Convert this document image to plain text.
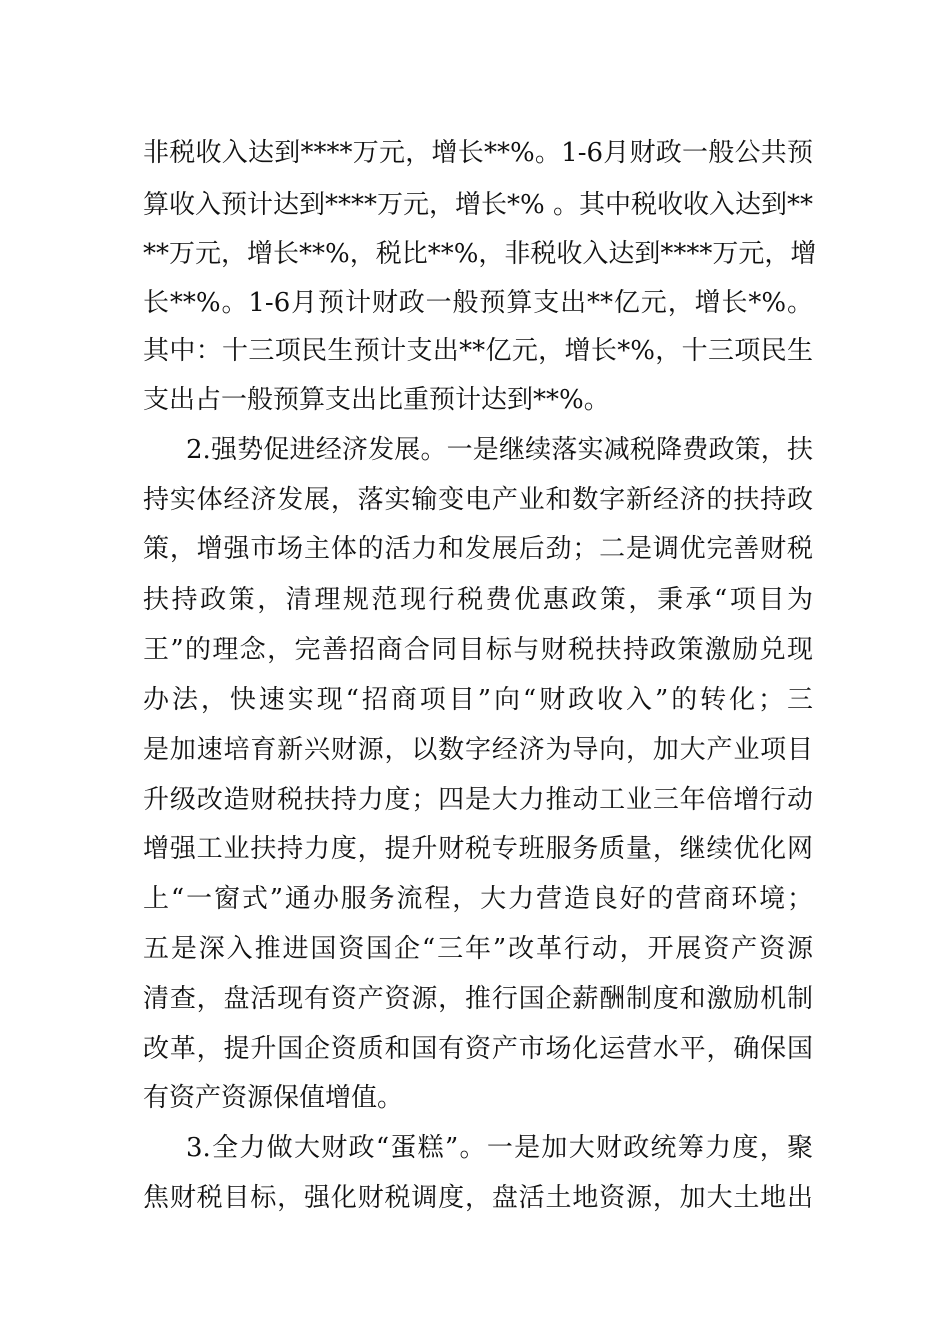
非税收入达到****万元，增长**%。1-6月财政一般公共预
算收入预计达到****万元，增长*% 。其中税收收入达到**
**万元，增长**%，税比**%，非税收入达到****万元，增
长**%。1-6月预计财政一般预算支出**亿元，增长*%。
其中：十三项民生预计支出**亿元，增长*%，十三项民生
支出占一般预算支出比重预计达到**%。
2.强势促进经济发展。一是继续落实减税降费政策，扶
持实体经济发展，落实输变电产业和数字新经济的扶持政
策，增强市场主体的活力和发展后劲；二是调优完善财税
扶持政策，清理规范现行税费优惠政策，秉承“项目为
王”的理念，完善招商合同目标与财税扶持政策激励兑现
办法，快速实现“招商项目”向“财政收入”的转化；三
是加速培育新兴财源，以数字经济为导向，加大产业项目
升级改造财税扶持力度；四是大力推动工业三年倍增行动
增强工业扶持力度，提升财税专班服务质量，继续优化网
上“一窗式”通办服务流程，大力营造良好的营商环境；
五是深入推进国资国企“三年”改革行动，开展资产资源
清查，盘活现有资产资源，推行国企薪酬制度和激励机制
改革，提升国企资质和国有资产市场化运营水平，确保国
有资产资源保值增值。
3.全力做大财政“蛋糕”。一是加大财政统筹力度，聚
焦财税目标，强化财税调度，盘活土地资源，加大土地出
